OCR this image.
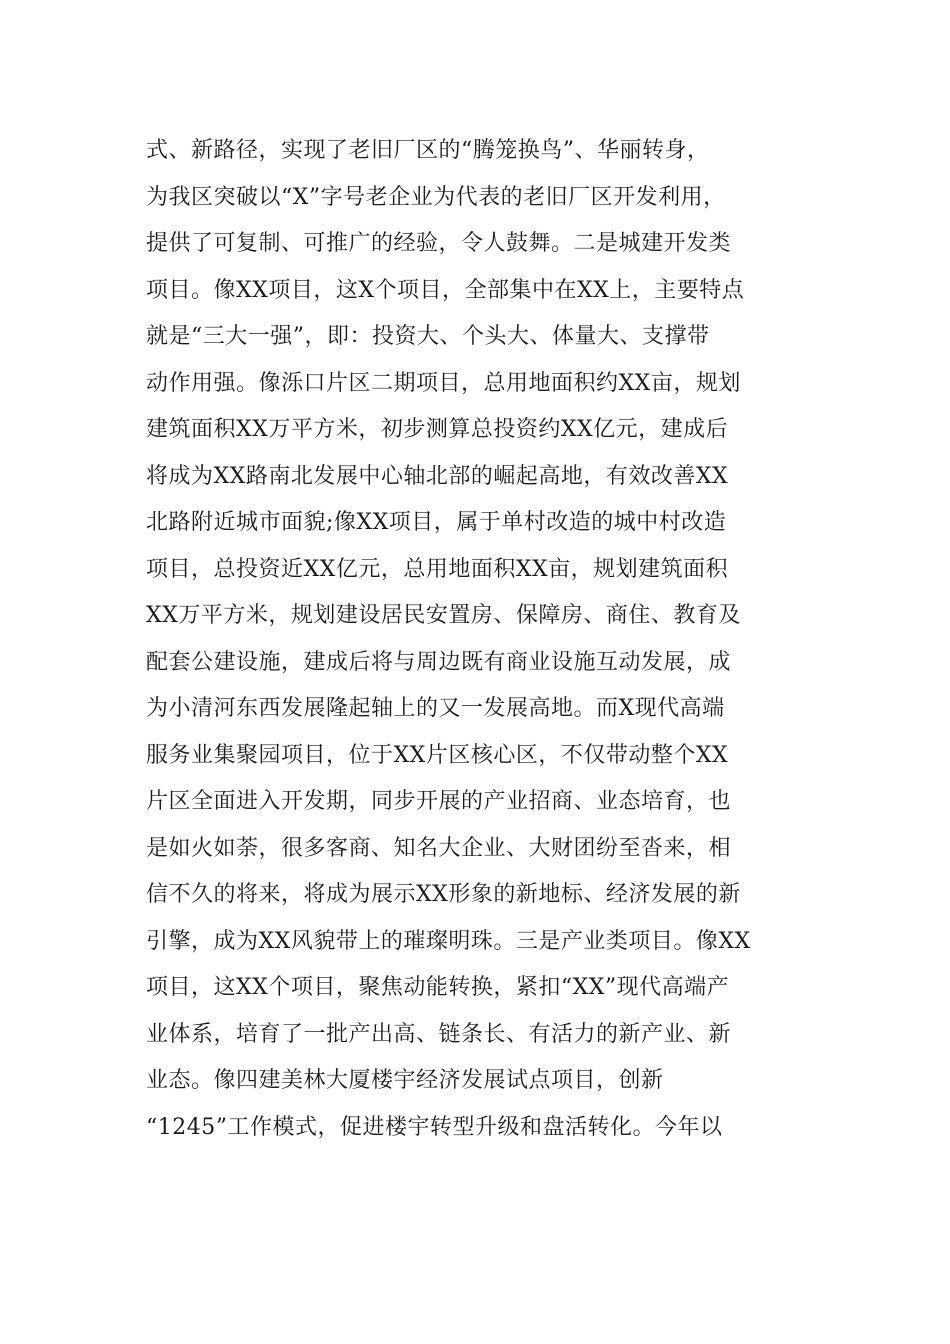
式、新路径，实现了老旧厂区的“腾笼换鸟”、华丽转身，
为我区突破以“X”字号老企业为代表的老旧厂区开发利用，
提供了可复制、可推广的经验，令人鼓舞。二是城建开发类
项目。像XX项目，这X个项目，全部集中在XX上，主要特点
就是“三大一强”，即：投资大、个头大、体量大、支撑带
动作用强。像泺口片区二期项目，总用地面积约XX亩，规划
建筑面积XX万平方米，初步测算总投资约XX亿元，建成后
将成为XX路南北发展中心轴北部的崛起高地，有效改善XX
北路附近城市面貌;像XX项目，属于单村改造的城中村改造
项目，总投资近XX亿元，总用地面积XX亩，规划建筑面积
XX万平方米，规划建设居民安置房、保障房、商住、教育及
配套公建设施，建成后将与周边既有商业设施互动发展，成
为小清河东西发展隆起轴上的又一发展高地。而X现代高端
服务业集聚园项目，位于XX片区核心区，不仅带动整个XX
片区全面进入开发期，同步开展的产业招商、业态培育，也
是如火如荼，很多客商、知名大企业、大财团纷至沓来，相
信不久的将来，将成为展示XX形象的新地标、经济发展的新
引擎，成为XX风貌带上的璀璨明珠。三是产业类项目。像XX
项目，这XX个项目，聚焦动能转换，紧扣“XX”现代高端产
业体系，培育了一批产出高、链条长、有活力的新产业、新
业态。像四建美林大厦楼宇经济发展试点项目，创新
“1245”工作模式，促进楼宇转型升级和盘活转化。今年以
